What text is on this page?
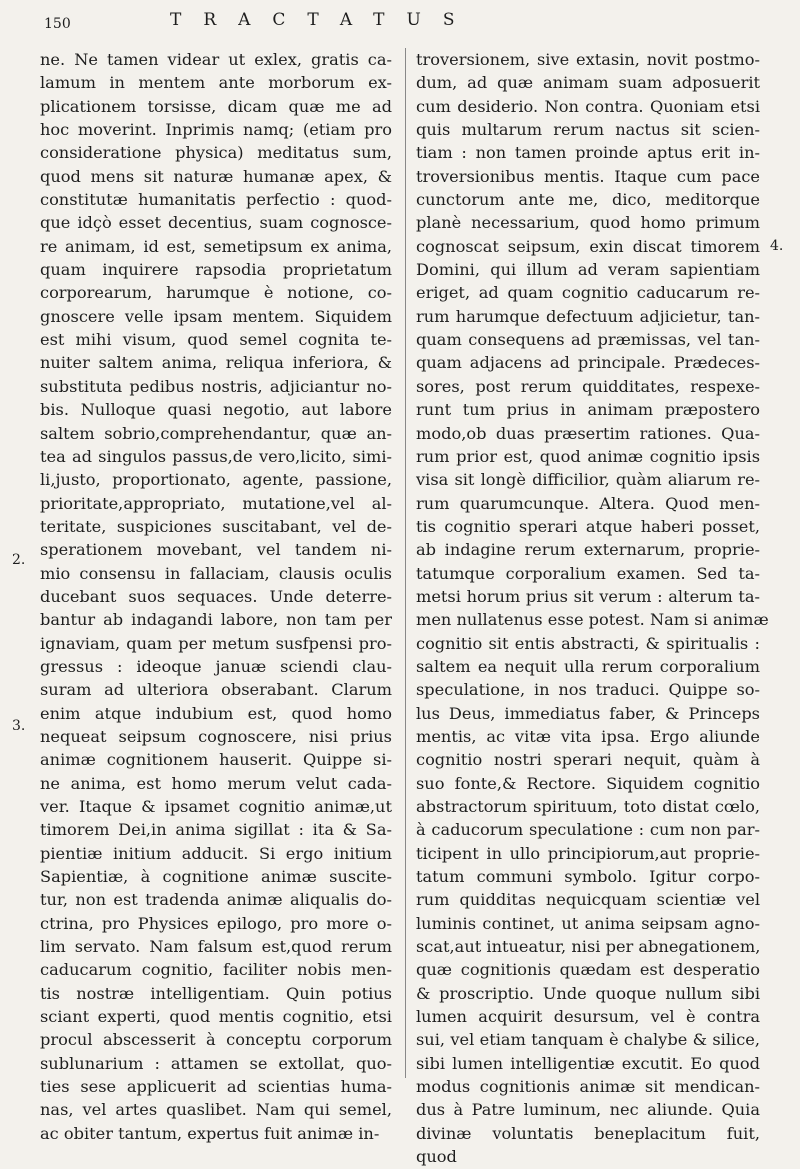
150	TRACTATUS
2.
3.
4.
ne. Ne tamen videar ut exlex, gratis ca-
lamum in mentem ante morborum ex-
plicationem torsisse, dicam quæ me ad
hoc moverint. Inprimis namq; (etiam pro
consideratione physica) meditatus sum,
quod mens sit naturæ humanæ apex, &
constitutæ humanitatis perfectio : quod-
que idçò esset decentius, suam cognosce-
re animam, id est, semetipsum ex anima,
quam inquirere rapsodia proprietatum
corporearum, harumque è notione, co-
gnoscere velle ipsam mentem. Siquidem
est mihi visum, quod semel cognita te-
nuiter saltem anima, reliqua inferiora, &
substituta pedibus nostris, adjiciantur no-
bis. Nulloque quasi negotio, aut labore
saltem sobrio,comprehendantur, quæ an-
tea ad singulos passus,de vero,licito, simi-
li,justo, proportionato, agente, passione,
prioritate,appropriato, mutatione,vel al-
teritate, suspiciones suscitabant, vel de-
sperationem movebant, vel tandem ni-
mio consensu in fallaciam, clausis oculis
ducebant suos sequaces. Unde deterre-
bantur ab indagandi labore, non tam per
ignaviam, quam per metum susfpensi pro-
gressus : ideoque januæ sciendi clau-
suram ad ulteriora obserabant. Clarum
enim atque indubium est, quod homo
nequeat seipsum cognoscere, nisi prius
animæ cognitionem hauserit. Quippe si-
ne anima, est homo merum velut cada-
ver. Itaque & ipsamet cognitio animæ,ut
timorem Dei,in anima sigillat : ita & Sa-
pientiæ initium adducit. Si ergo initium
Sapientiæ, à cognitione animæ suscite-
tur, non est tradenda animæ aliqualis do-
ctrina, pro Physices epilogo, pro more o-
lim servato. Nam falsum est,quod rerum
caducarum cognitio, faciliter nobis men-
tis nostræ intelligentiam. Quin potius
sciant experti, quod mentis cognitio, etsi
procul abscesserit à conceptu corporum
sublunarium : attamen se extollat, quo-
ties sese applicuerit ad scientias huma-
nas, vel artes quaslibet. Nam qui semel,
ac obiter tantum, expertus fuit animæ in-
troversionem, sive extasin, novit postmo-
dum, ad quæ animam suam adposuerit
cum desiderio. Non contra. Quoniam etsi
quis multarum rerum nactus sit scien-
tiam : non tamen proinde aptus erit in-
troversionibus mentis. Itaque cum pace
cunctorum ante me, dico, meditorque
planè necessarium, quod homo primum
cognoscat seipsum, exin discat timorem
Domini, qui illum ad veram sapientiam
eriget, ad quam cognitio caducarum re-
rum harumque defectuum adjicietur, tan-
quam consequens ad præmissas, vel tan-
quam adjacens ad principale. Prædeces-
sores, post rerum quidditates, respexe-
runt tum prius in animam præpostero
modo,ob duas præsertim rationes. Qua-
rum prior est, quod animæ cognitio ipsis
visa sit longè difficilior, quàm aliarum re-
rum quarumcunque. Altera. Quod men-
tis cognitio sperari atque haberi posset,
ab indagine rerum externarum, proprie-
tatumque corporalium examen. Sed ta-
metsi horum prius sit verum : alterum ta-
men nullatenus esse potest. Nam si animæ
cognitio sit entis abstracti, & spiritualis :
saltem ea nequit ulla rerum corporalium
speculatione, in nos traduci. Quippe so-
lus Deus, immediatus faber, & Princeps
mentis, ac vitæ vita ipsa. Ergo aliunde
cognitio nostri sperari nequit, quàm à
suo fonte,& Rectore. Siquidem cognitio
abstractorum spirituum, toto distat cœlo,
à caducorum speculatione : cum non par-
ticipent in ullo principiorum,aut proprie-
tatum communi symbolo. Igitur corpo-
rum quidditas nequicquam scientiæ vel
luminis continet, ut anima seipsam agno-
scat,aut intueatur, nisi per abnegationem,
quæ cognitionis quædam est desperatio
& proscriptio. Unde quoque nullum sibi
lumen acquirit desursum, vel è contra
sui, vel etiam tanquam è chalybe & silice,
sibi lumen intelligentiæ excutit. Eo quod
modus cognitionis animæ sit mendican-
dus à Patre luminum, nec aliunde. Quia
divinæ voluntatis beneplacitum fuit,
quod
